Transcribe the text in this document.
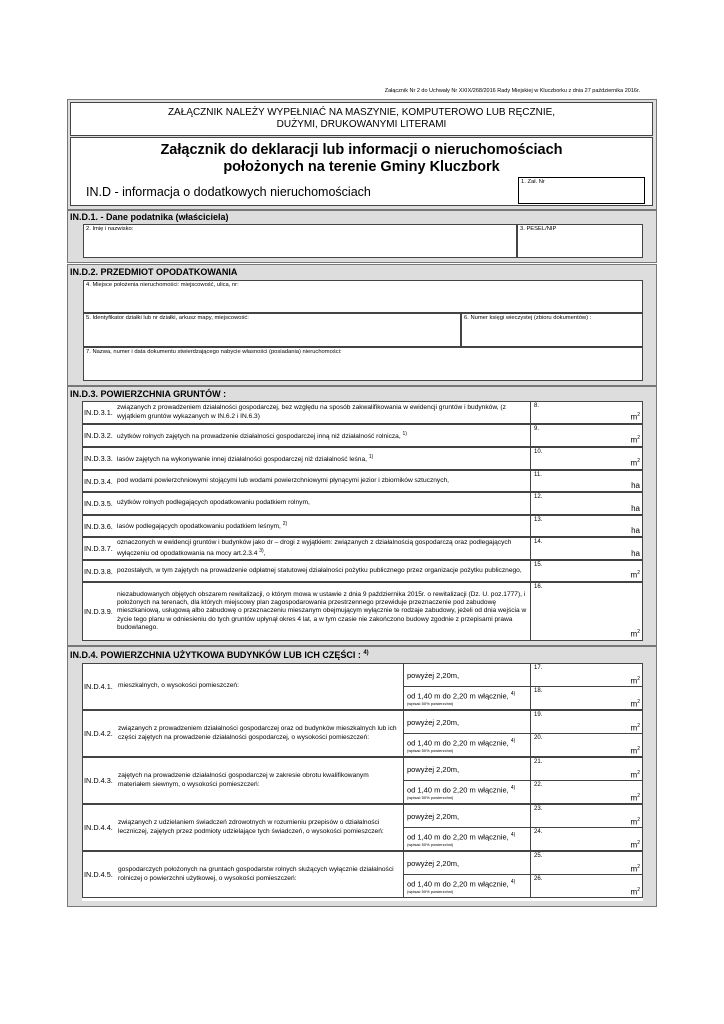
Załącznik Nr 2 do Uchwały Nr XXIX/268/2016 Rady Miejskiej w Kluczborku z dnia 27 października 2016r.
ZAŁĄCZNIK NALEŻY WYPEŁNIAĆ NA MASZYNIE, KOMPUTEROWO LUB RĘCZNIE,
DUŻYMI, DRUKOWANYMI LITERAMI
Załącznik do deklaracji lub informacji o nieruchomościach
położonych na terenie Gminy Kluczbork
IN.D - informacja o dodatkowych nieruchomościach
1. Zał. Nr
IN.D.1. - Dane podatnika (właściciela)
2. Imię i nazwisko:	3. PESEL/NIP
IN.D.2. PRZEDMIOT OPODATKOWANIA
4. Miejsce położenia nieruchomości: miejscowość, ulica, nr:
5. Identyfikator działki lub nr działki, arkusz mapy, miejscowość:	6. Numer księgi wieczystej (zbioru dokumentów) :
7. Nazwa, numer i data dokumentu stwierdzającego nabycie własności (posiadania) nieruchomości:
IN.D.3. POWIERZCHNIA GRUNTÓW :
IN.D.3.1.
związanych z prowadzeniem działalności gospodarczej, bez względu na sposób zakwalifikowania w ewidencji gruntów i budynków, (z wyjątkiem gruntów wykazanych w IN.6.2 i IN.6.3)
8.
$m^2$
IN.D.3.2. użytków rolnych zajętych na prowadzenie działalności gospodarczej inną niż działalność rolnicza, $^{1)}$
9.
$m^2$
IN.D.3.3. lasów zajętych na wykonywanie innej działalności gospodarczej niż działalność leśna, $^{1)}$
10.
$m^2$
IN.D.3.4. pod wodami powierzchniowymi stojącymi lub wodami powierzchniowymi płynącymi jezior i zbiorników sztucznych,
11.
ha
IN.D.3.5. użytków rolnych podlegających opodatkowaniu podatkiem rolnym,
12.
ha
IN.D.3.6. lasów podlegających opodatkowaniu podatkiem leśnym, $^{2)}$
13.
ha
IN.D.3.7.
oznaczonych w ewidencji gruntów i budynków jako dr – drogi z wyjątkiem: związanych z działalnością gospodarczą oraz podlegających wyłączeniu od opodatkowania na mocy art.2.3.4 $^{3)}$,
14.
ha
IN.D.3.8. pozostałych, w tym zajętych na prowadzenie odpłatnej statutowej działalności pożytku publicznego przez organizacje pożytku publicznego,
15.
$m^2$
IN.D.3.9.
niezabudowanych objętych obszarem rewitalizacji, o którym mowa w ustawie z dnia 9 października 2015r. o rewitalizacji (Dz. U. poz.1777), i położonych na terenach, dla których miejscowy plan zagospodarowania przestrzennego przewiduje przeznaczenie pod zabudowę mieszkaniową, usługową albo zabudowę o przeznaczeniu mieszanym obejmującym wyłącznie te rodzaje zabudowy, jeżeli od dnia wejścia w życie tego planu w odniesieniu do tych gruntów upłynął okres 4 lat, a w tym czasie nie zakończono budowy zgodnie z przepisami prawa budowlanego.
16.
$m^2$
IN.D.4. POWIERZCHNIA UŻYTKOWA BUDYNKÓW LUB ICH CZĘŚCI : $^{4)}$
IN.D.4.1. mieszkalnych, o wysokości pomieszczeń:
powyżej 2,20m,
17.
$m^2$
od 1,40 m do 2,20 m włącznie, $^{4)}$
(wpisać 50% powierzchni)
18.
$m^2$
IN.D.4.2.
związanych z prowadzeniem działalności gospodarczej oraz od budynków mieszkalnych lub ich części zajętych na prowadzenie działalności gospodarczej, o wysokości pomieszczeń:
powyżej 2,20m,
19.
$m^2$
od 1,40 m do 2,20 m włącznie, $^{4)}$
(wpisać 50% powierzchni)
20.
$m^2$
IN.D.4.3.
zajętych na prowadzenie działalności gospodarczej w zakresie obrotu kwalifikowanym materiałem siewnym, o wysokości pomieszczeń:
powyżej 2,20m,
21.
$m^2$
od 1,40 m do 2,20 m włącznie, $^{4)}$
(wpisać 50% powierzchni)
22.
$m^2$
IN.D.4.4.
związanych z udzielaniem świadczeń zdrowotnych w rozumieniu przepisów o działalności leczniczej, zajętych przez podmioty udzielające tych świadczeń, o wysokości pomieszczeń:
powyżej 2,20m,
23.
$m^2$
od 1,40 m do 2,20 m włącznie, $^{4)}$
(wpisać 50% powierzchni)
24.
$m^2$
IN.D.4.5.
gospodarczych położonych na gruntach gospodarstw rolnych służących wyłącznie działalności rolniczej o powierzchni użytkowej, o wysokości pomieszczeń:
powyżej 2,20m,
25.
$m^2$
od 1,40 m do 2,20 m włącznie, $^{4)}$
(wpisać 50% powierzchni)
26.
$m^2$
